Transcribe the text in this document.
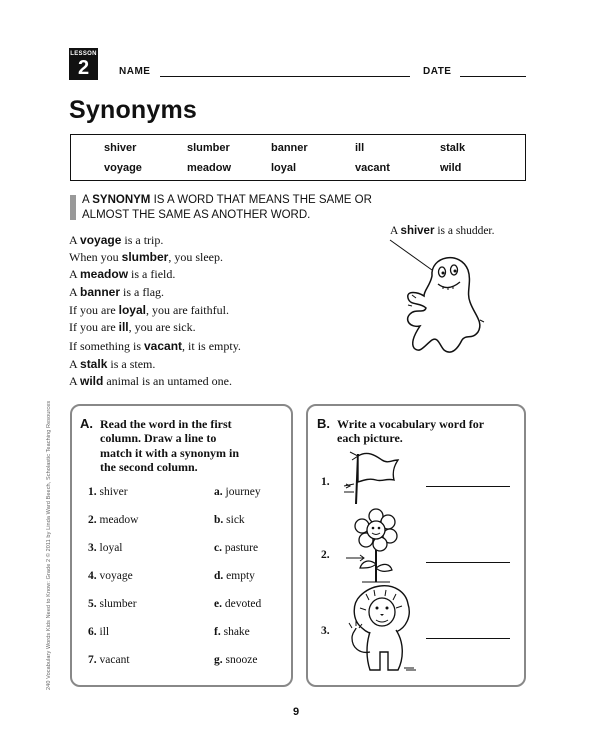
LESSON
2	NAME	DATE
Synonyms
shiver	slumber	banner	ill	stalk
voyage	meadow	loyal	vacant	wild
A SYNONYM IS A WORD THAT MEANS THE SAME OR
ALMOST THE SAME AS ANOTHER WORD.
A voyage is a trip.
When you slumber, you sleep.
A meadow is a field.
A banner is a flag.
If you are loyal, you are faithful.
If you are ill, you are sick.
If something is vacant, it is empty.
A stalk is a stem.
A wild animal is an untamed one.
A shiver is a shudder.
240 Vocabulary Words Kids Need to Know: Grade 2 © 2011 by Linda Ward Beech, Scholastic Teaching Resources A. Read the word in the first
column. Draw a line to
match it with a synonym in
the second column.
1. shiver
2. meadow
3. loyal
4. voyage
5. slumber
6. ill
7. vacant
a. journey
b. sick
c. pasture
d. empty
e. devoted
f. shake
g. snooze
B. Write a vocabulary word for
each picture.
1.
2.
3.
9
